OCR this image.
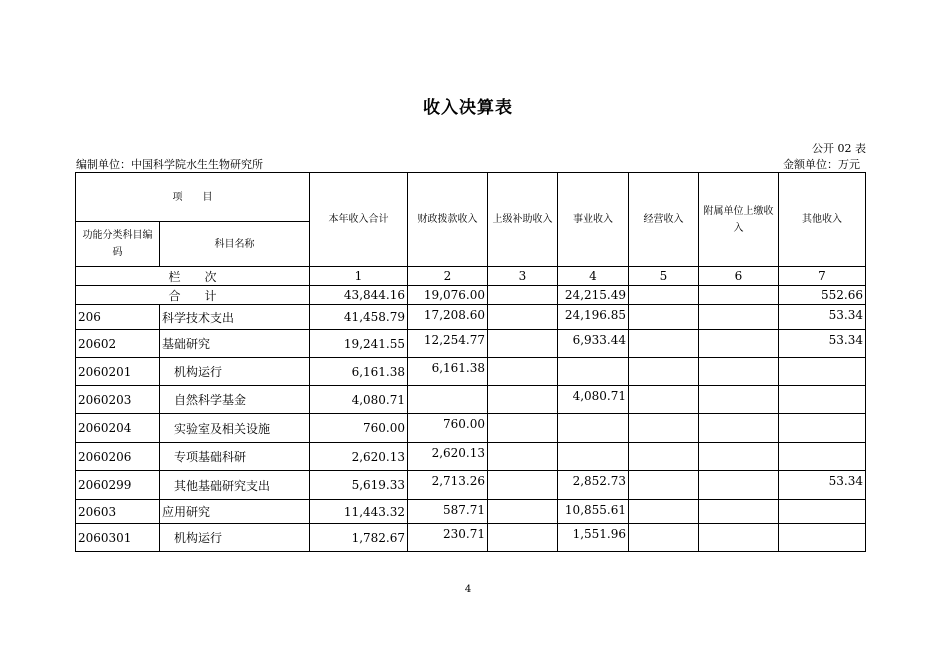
收入决算表
公开 02 表
编制单位：中国科学院水生生物研究所	金额单位：万元
项　　目		本年收入合计	财政拨款收入	上级补助收入	事业收入	经营收入	附属单位上缴收入	其他收入
功能分类科目编码	科目名称							
栏　　次		1	2	3	4	5	6	7
合　　计		43,844.16	19,076.00		24,215.49			552.66
206	科学技术支出	41,458.79	17,208.60		24,196.85			53.34
20602	基础研究	19,241.55	12,254.77		6,933.44			53.34
2060201	机构运行	6,161.38	6,161.38					
2060203	自然科学基金	4,080.71			4,080.71			
2060204	实验室及相关设施	760.00	760.00					
2060206	专项基础科研	2,620.13	2,620.13					
2060299	其他基础研究支出	5,619.33	2,713.26		2,852.73			53.34
20603	应用研究	11,443.32	587.71		10,855.61			
2060301	机构运行	1,782.67	230.71		1,551.96			
4
